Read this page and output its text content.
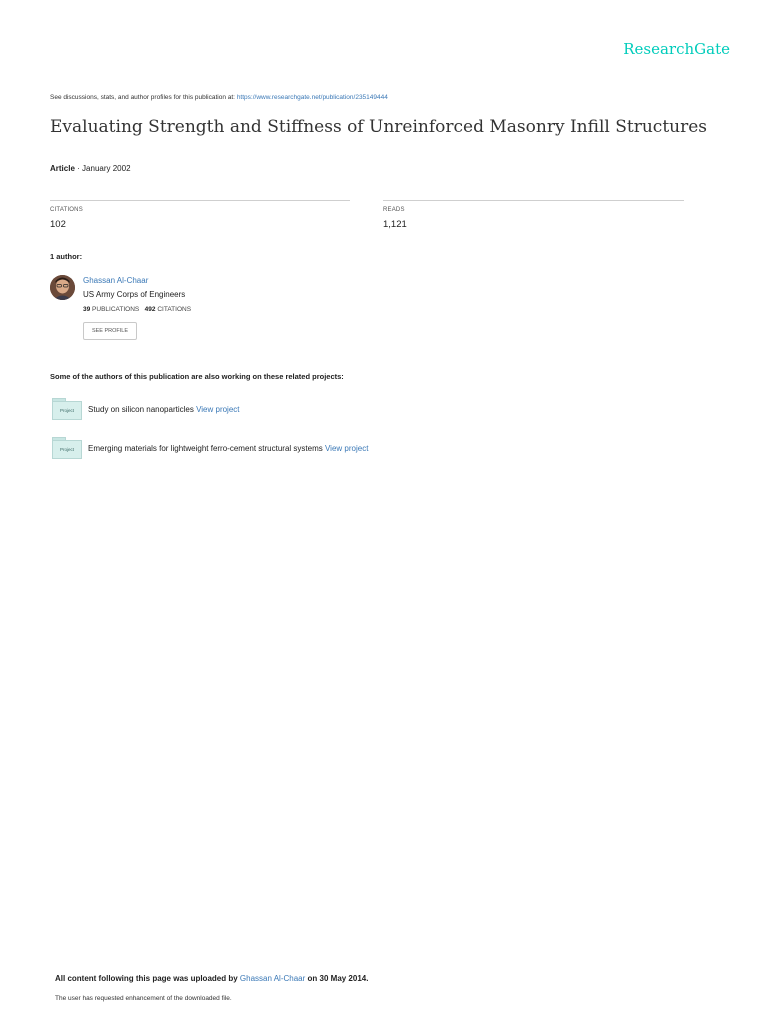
ResearchGate
See discussions, stats, and author profiles for this publication at: https://www.researchgate.net/publication/235149444
Evaluating Strength and Stiffness of Unreinforced Masonry Infill Structures
Article · January 2002
CITATIONS
102
READS
1,121
1 author:
Ghassan Al-Chaar
US Army Corps of Engineers
39 PUBLICATIONS 492 CITATIONS
SEE PROFILE
Some of the authors of this publication are also working on these related projects:
Project	Study on silicon nanoparticles View project
Project	Emerging materials for lightweight ferro-cement structural systems View project
All content following this page was uploaded by Ghassan Al-Chaar on 30 May 2014.
The user has requested enhancement of the downloaded file.
